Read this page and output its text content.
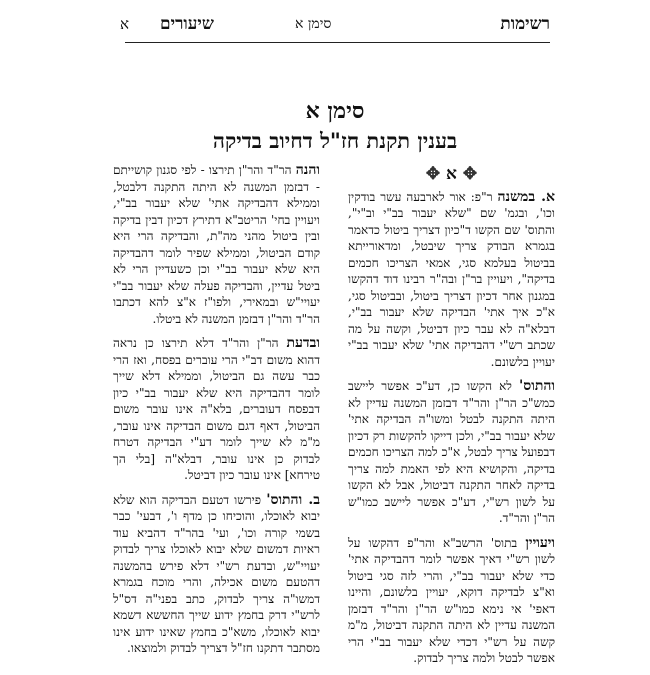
רשימות
סימן א
שיעורים
א
סימן א
בענין תקנת חז"ל דחיוב בדיקה
✥ א ✥

א. במשנה ר"פ: אור לארבעה עשר בודקין וכו', ובגמ' שם "שלא יעבור בב"י וב"י", והתוס' שם הקשו ד"כיון דצריך ביטול כדאמר בגמרא הבודק צריך שיבטל, ומדאורייתא בביטול בעלמא סגי, אמאי הצריכו חכמים בדיקה", ויעויין בר"ן ובה"ר רבינו דוד דהקשו במגנון אחר דכיון דצריך ביטול, ובביטול סגי, א"כ איך אתי' הבדיקה שלא יעבור בב"י, דבלא"ה לא עבר כיון דביטל, וקשה על מה שכתב רש"י דהבדיקה אתי' שלא יעבור בב"י יעויין בלשונם.

והתוס' לא הקשו כן, דע"כ אפשר ליישב כמש"כ הר"ן והר"ד דבזמן המשנה עדיין לא היתה התקנה לבטל ומשו"ה הבדיקה אתי' שלא יעבור בב"י, ולכן דייקו להקשות רק דכיון דבפועל צריך לבטל, א"כ למה הצריכו חכמים בדיקה, והקושיא היא לפי האמת למה צריך בדיקה לאחר התקנה דביטול, אבל לא הקשו על לשון רש"י, דע"כ אפשר ליישב כמו"ש הר"ן והר"ד.

ויעויין בתוס' הרשב"א והר"פ דהקשו על לשון רש"י דאיך אפשר לומר דהבדיקה אתי' כדי שלא יעבור בב"י, והרי לזה סגי ביטול וא"צ לבדיקה דוקא, יעויין בלשונם, והיינו דאפי' אי נימא כמו"ש הר"ן והר"ד דבזמן המשנה עדיין לא היתה התקנה דביטול, מ"מ קשה על רש"י דכדי שלא יעבור בב"י הרי אפשר לבטל ולמה צריך לבדוק.

והנה הר"ד והר"ן תירצו - לפי סגנון קושייתם - דבזמן המשנה לא היתה התקנה דלבטל, וממילא דהבדיקה אתי' שלא יעבור בב"י, ויעויין בחי' הריטב"א דתירץ דכיון דבין בדיקה ובין ביטול מהני מה"ת, והבדיקה הרי היא קודם הביטול, וממילא שפיר לומר דהבדיקה היא שלא יעבור בב"י וכן כשעדיין הרי לא ביטל עדיין, והבדיקה פעלה שלא יעבור בב"י יעויי"ש ובמאירי, ולפו"ז א"צ להא דכתבו הר"ד והר"ן דבזמן המשנה לא ביטלו.

ובדעת הר"ן והר"ד דלא תירצו כן נראה דהוא משום דב"י הרי עוברים בפסח, ואז הרי כבר עשה גם הביטול, וממילא דלא שייך לומר דהבדיקה היא שלא יעבור בב"י כיון דבפסח דעוברים, בלא"ה אינו עובר משום הביטול, דאף דגם משום הבדיקה אינו עובר, מ"מ לא שייך לומר דע"י הבדיקה דטרח לבדוק כן אינו עובר, דבלא"ה [בלי הך טירחא] אינו עובר כיון דביטל.

ב. והתוס' פירשו דטעם הבדיקה הוא שלא יבוא לאוכלו, והוכיחו כן מדף ו', דבעי' כבר בשמי קורה וכו', ועי' בהר"ד דהביא עוד ראיות דמשום שלא יבוא לאוכלו צריך לבדוק יעויי"ש, ובדעת רש"י דלא פירש בהמשנה דהטעם משום אכילה, והרי מוכח בגמרא דמשו"ה צריך לבדוק, כתב בפני"ה דס"ל לרש"י דרק בחמץ ידוע שייך החששא דשמא יבוא לאוכלו, משא"כ בחמץ שאינו ידוע אינו מסתבר דתקנו חז"ל דצריך לבדוק ולמוצאו.
